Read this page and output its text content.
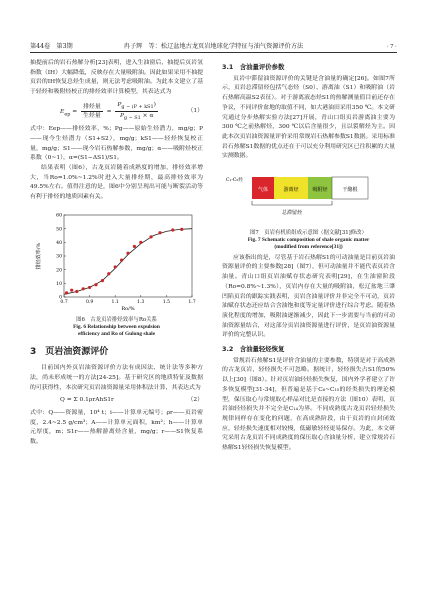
第44卷　第3期	冉子辉　等：松辽盆地古龙页岩地球化学特征与油气资源评价方法	· 7 ·

抽提前后的岩石热解分析[23]表明，进入生油窗后，抽提后页岩氢指数（IH）大幅降低，反映存在大量吸附油。因此如果采用不抽提页岩的IH恢复总烃生成量，则无法考虑吸附油。为此本文建立了基于轻烃和吸附烃校正的排烃效率计算模型，其表达式为

$E_{ep} = \frac{\text{排烃量}}{\text{生烃量}} = \frac{P_{g - (P + kS1})}{P_{g - S1} \times \alpha}$	（1）

式中：Eep——排烃效率，%；Pg——原始生烃潜力，mg/g；P——现今生烃潜力（S1+S2），mg/g；kS1——轻烃恢复校正量，mg/g；S1——现今岩石热解参数，mg/g；α——吸附烃校正系数（0~1），α=(S1−ΔS1)/S1。

结果表明（图6），古龙页岩随着成熟度的增加，排烃效率增大，当Ro=1.0%~1.2%时进入大量排烃期，最高排烃效率为49.5%左右。值得注意的是，图6中分别呈现出可能与断裂活动等有利于排烃的地质因素有关。

0
10
20
30
40
50
60
0.7	0.9	1.1	1.3	1.5	1.7
Ro/%
排烃效率/%
图6　古龙页岩排烃效率与Ro关系
Fig. 6 Relationship between expulsion
efficiency and Ro of Gulong shale
3　页岩油资源评价

目前国内外页岩油资源评价方法有成因法、统计法等多种方法，尚未形成统一的方法[24-25]。基于研究区的地质特征及数据的可获得性，本次研究页岩油资源量采用体积法计算，其表达式为

Q = Σ 0.1ρrAhS1r	（2）

式中：Q——资源量，10⁴ t；i——计算单元编号；ρr——页岩密度，2.4~2.5 g/cm³；A——计算单元面积，km²；h——计算单元厚度，m；S1r——热解游离烃含量，mg/g；r——S1恢复系数。

3.1　含油量评价参数

页岩中滞留油资源评价的关键是含油量的确定[26]。如图7所示，页岩总滞留烃包括气态烃（S0）、游离油（S1）和吸附油（岩石热解高温S2表征）。对于游离液态烃S1的热解测量值目前还存在争议，不同评价盆地的取值不同，如大港油田采用350 ℃。本文研究通过分步热解实验方法[27]开展，青山口组页岩游离油主要为300 ℃之前热解烃，300 ℃以后含量很少，且以裂解烃为主。因此本次页岩油资源量评价采用常规岩石热解参数S1数据。采用标准岩石热解S1数据的优点还在于可以充分利用研究区已往积累的大量实测数据。

气体	游离烃	吸附烃	干酪根
C₁-C₅烃
总滞留烃
图7　页岩有机质组成示意图（据文献[31]修改）
Fig. 7 Schematic composition of shale organic matter
(modified from reference[31])

应该指出的是，尽管基于岩石热解S1的可动油量是目前页岩油资源量评价的主要参数[28]（图7），但可动油量并不能代表页岩含油量。青山口组页岩油赋存状态研究表明[29]，在生油窗阶段（Ro=0.8%~1.3%），页岩内存在大量的吸附油，松辽盆地三肇凹陷页岩的跟踪实践表明，页岩含油量评价并非完全不可动，页岩油赋存状态还应结合含油饱和度等定量评价进行综合考虑。随着热演化程度的增加，吸附油逐渐减少，因此下一步需要与当前的可动油资源量结合，对这部分页岩油资源量进行评价，是页岩油资源量评价的完整认识。

3.2　含油量轻烃恢复

常规岩石热解S1是评价含油量的主要参数，特别是对于高成熟的古龙页岩，轻烃损失不可忽略。据统计，轻烃损失占S1的50%以上[30]（图8）。针对页岩油轻烃损失恢复，国内外学者建立了许多恢复模型[31-34]，但普遍是基于C₆~C₁₅的经类损失的理论模型，保压取心与常规取心样品对比是直接的方法（图10）表明，页岩油轻烃损失并不完全是C₁₄为界。不同成熟度古龙页岩轻烃损失规律同样存在变化的问题，在高成熟阶段，由于页岩的自封闭效应，轻烃损失速度相对较慢，低磁敏轻烃更易保存。为此，本文研究采用古龙页岩不同成熟度的保压取心含油量分析，建立常规岩石热解S1轻烃损失恢复模型。
